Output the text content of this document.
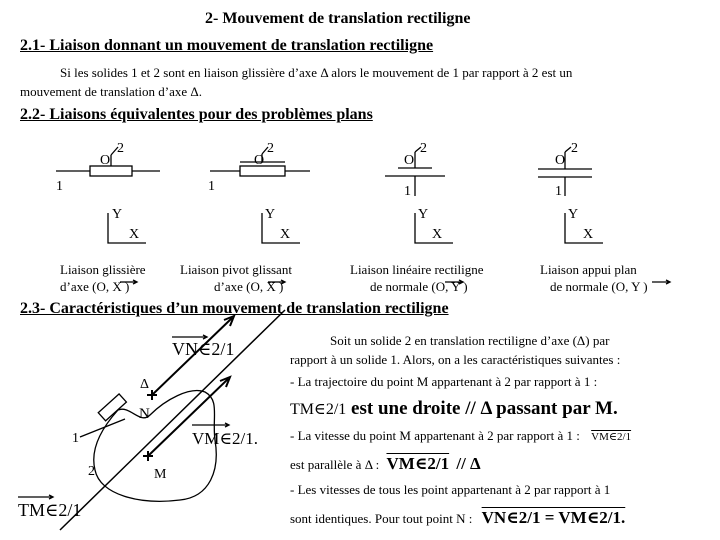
2- Mouvement de translation rectiligne
2.1- Liaison donnant un mouvement de translation rectiligne
Si les solides 1 et 2 sont en liaison glissière d’axe Δ alors le mouvement de 1 par rapport à 2 est un
mouvement de translation d’axe Δ.
2.2- Liaisons équivalentes pour des problèmes plans
2
O
1
Y
X
2
O
1
Y
X
2
O
1
Y
X
2
O
1
Y
X
Liaison glissière
d’axe (O, X )
Liaison pivot glissant
d’axe (O, X )
Liaison linéaire rectiligne
de normale (O, Y )
Liaison appui plan
de normale (O, Y )
2.3- Caractéristiques d’un mouvement de translation rectiligne
VN∈2/1
Δ
N
1
2
VM∈2/1.
M
TM∈2/1
Soit un solide 2 en translation rectiligne d’axe (Δ) par
rapport à un solide 1. Alors, on a les caractéristiques suivantes :
- La trajectoire du point M appartenant à 2 par rapport à 1 :
TM∈2/1 est une droite // Δ passant par M.
- La vitesse du point M appartenant à 2 par rapport à 1 : VM∈2/1
est parallèle à Δ : VM∈2/1 // Δ
- Les vitesses de tous les point appartenant à 2 par rapport à 1
sont identiques. Pour tout point N : VN∈2/1 = VM∈2/1.
